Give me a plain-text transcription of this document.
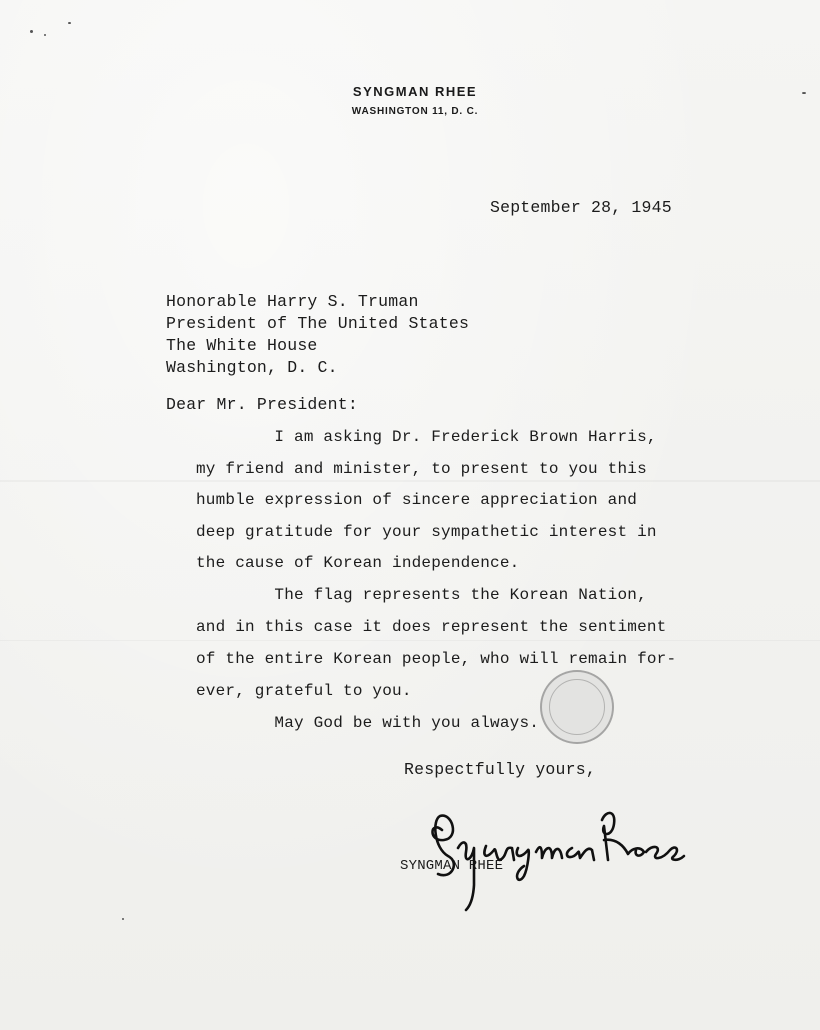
SYNGMAN RHEE
WASHINGTON 11, D. C.
September 28, 1945
Honorable Harry S. Truman
President of The United States
The White House
Washington, D. C.
Dear Mr. President:
I am asking Dr. Frederick Brown Harris,
my friend and minister, to present to you this
humble expression of sincere appreciation and
deep gratitude for your sympathetic interest in
the cause of Korean independence.
The flag represents the Korean Nation,
and in this case it does represent the sentiment
of the entire Korean people, who will remain for-
ever, grateful to you.
May God be with you always.
Respectfully yours,
SYNGMAN RHEE
